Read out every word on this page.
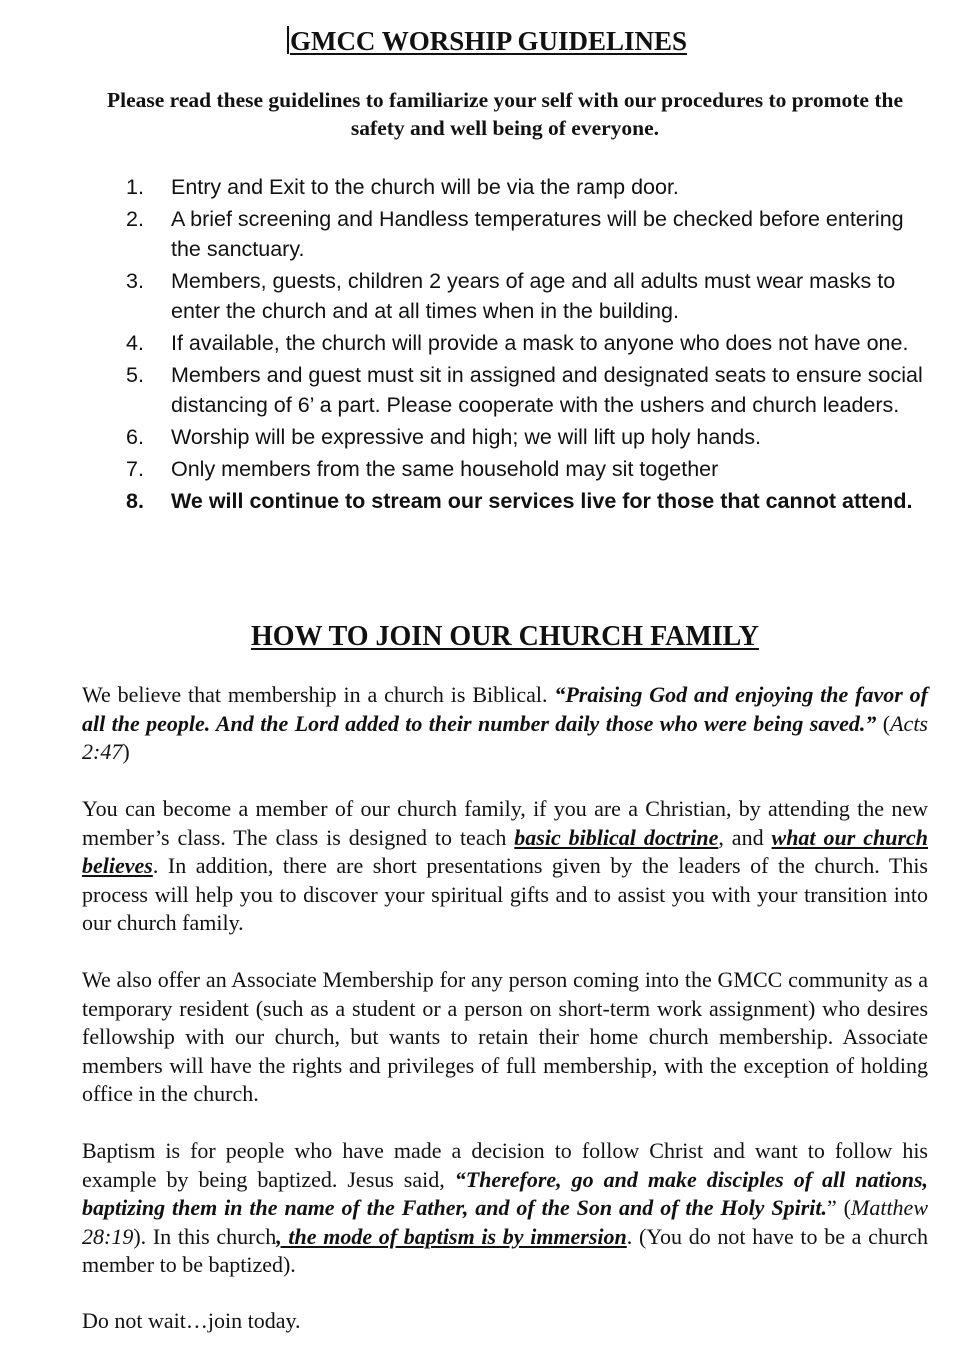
GMCC WORSHIP GUIDELINES
Please read these guidelines to familiarize your self with our procedures to promote the safety and well being of everyone.
1. Entry and Exit to the church will be via the ramp door.
2. A brief screening and Handless temperatures will be checked before entering the sanctuary.
3. Members, guests, children 2 years of age and all adults must wear masks to enter the church and at all times when in the building.
4. If available, the church will provide a mask to anyone who does not have one.
5. Members and guest must sit in assigned and designated seats to ensure social distancing of 6’ a part. Please cooperate with the ushers and church leaders.
6. Worship will be expressive and high; we will lift up holy hands.
7. Only members from the same household may sit together
8. We will continue to stream our services live for those that cannot attend.
HOW TO JOIN OUR CHURCH FAMILY

We believe that membership in a church is Biblical. “Praising God and enjoying the favor of all the people. And the Lord added to their number daily those who were being saved.” (Acts 2:47)

You can become a member of our church family, if you are a Christian, by attending the new member’s class. The class is designed to teach basic biblical doctrine, and what our church believes. In addition, there are short presentations given by the leaders of the church. This process will help you to discover your spiritual gifts and to assist you with your transition into our church family.

We also offer an Associate Membership for any person coming into the GMCC community as a temporary resident (such as a student or a person on short-term work assignment) who desires fellowship with our church, but wants to retain their home church membership. Associate members will have the rights and privileges of full membership, with the exception of holding office in the church.

Baptism is for people who have made a decision to follow Christ and want to follow his example by being baptized. Jesus said, “Therefore, go and make disciples of all nations, baptizing them in the name of the Father, and of the Son and of the Holy Spirit.” (Matthew 28:19). In this church, the mode of baptism is by immersion. (You do not have to be a church member to be baptized).

Do not wait…join today.
